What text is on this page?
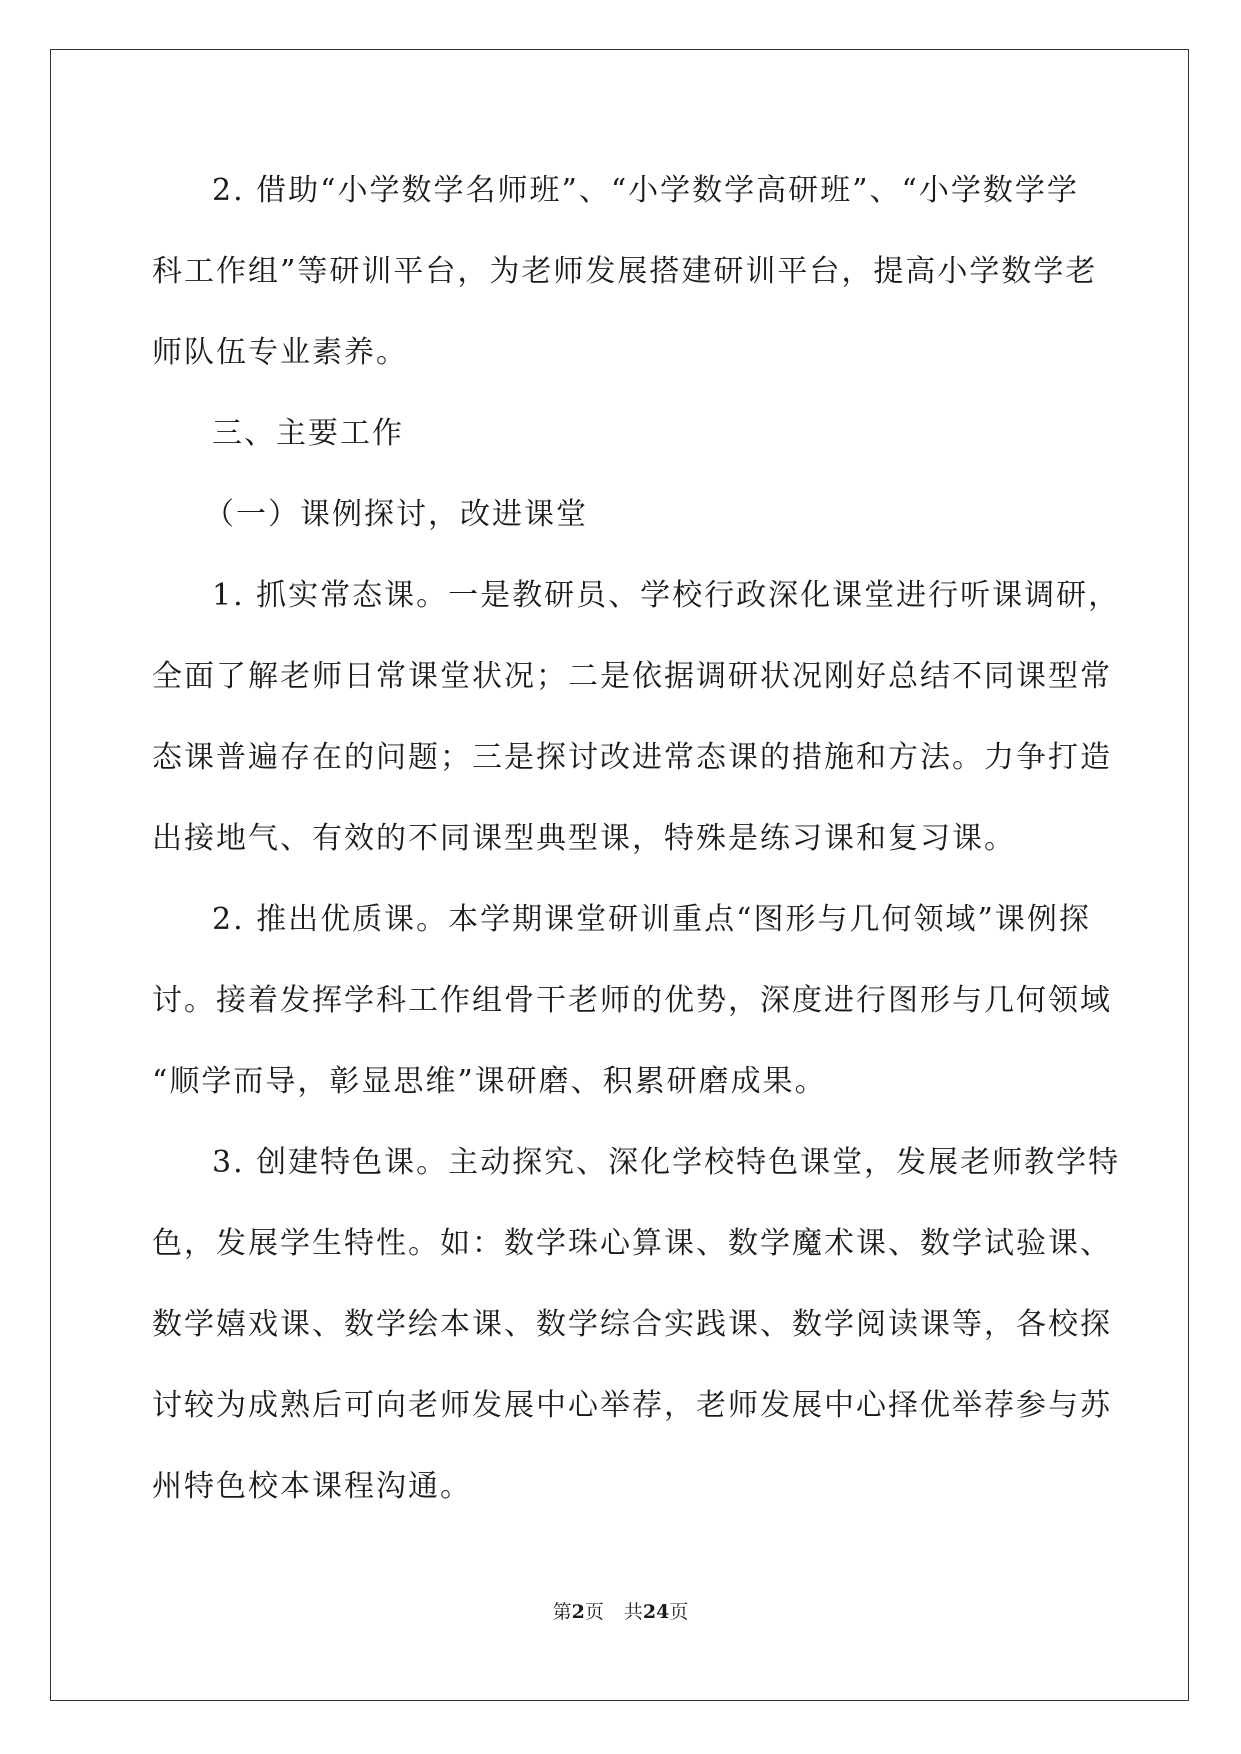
2. 借助“小学数学名师班”、“小学数学高研班”、“小学数学学
科工作组”等研训平台，为老师发展搭建研训平台，提高小学数学老
师队伍专业素养。
三、主要工作
（一）课例探讨，改进课堂
1. 抓实常态课。一是教研员、学校行政深化课堂进行听课调研，
全面了解老师日常课堂状况；二是依据调研状况刚好总结不同课型常
态课普遍存在的问题；三是探讨改进常态课的措施和方法。力争打造
出接地气、有效的不同课型典型课，特殊是练习课和复习课。
2. 推出优质课。本学期课堂研训重点“图形与几何领域”课例探
讨。接着发挥学科工作组骨干老师的优势，深度进行图形与几何领域
“顺学而导，彰显思维”课研磨、积累研磨成果。
3. 创建特色课。主动探究、深化学校特色课堂，发展老师教学特
色，发展学生特性。如：数学珠心算课、数学魔术课、数学试验课、
数学嬉戏课、数学绘本课、数学综合实践课、数学阅读课等，各校探
讨较为成熟后可向老师发展中心举荐，老师发展中心择优举荐参与苏
州特色校本课程沟通。
第2页 共24页
